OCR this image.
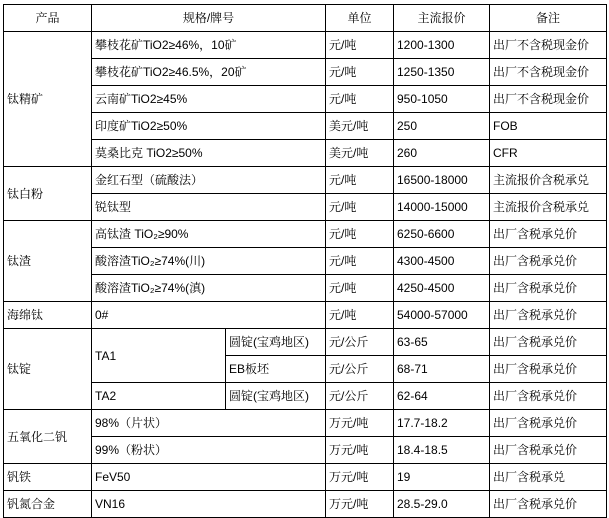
产品	规格/牌号		单位	主流报价	备注
钛精矿	攀枝花矿TiO2≥46%，10矿		元/吨	1200-1300	出厂不含税现金价
	攀枝花矿TiO2≥46.5%，20矿		元/吨	1250-1350	出厂不含税现金价
	云南矿TiO2≥45%		元/吨	950-1050	出厂不含税现金价
	印度矿TiO2≥50%		美元/吨	250	FOB
	莫桑比克 TiO2≥50%		美元/吨	260	CFR
钛白粉	金红石型（硫酸法）		元/吨	16500-18000	主流报价含税承兑
	锐钛型		元/吨	14000-15000	主流报价含税承兑
钛渣	高钛渣 TiO₂≥90%		元/吨	6250-6600	出厂含税承兑价
	酸溶渣TiO₂≥74%(川)		元/吨	4300-4500	出厂含税承兑价
	酸溶渣TiO₂≥74%(滇)		元/吨	4250-4500	出厂含税承兑价
海绵钛	0#		元/吨	54000-57000	出厂含税承兑价
钛锭	TA1	圆锭(宝鸡地区)	元/公斤	63-65	出厂含税承兑价
		EB板坯	元/公斤	68-71	出厂含税承兑价
	TA2	圆锭(宝鸡地区)	元/公斤	62-64	出厂含税承兑价
五氧化二钒	98%（片状）		万元/吨	17.7-18.2	出厂含税承兑价
	99%（粉状）		万元/吨	18.4-18.5	出厂含税承兑价
钒铁	FeV50		万元/吨	19	出厂含税承兑
钒氮合金	VN16		万元/吨	28.5-29.0	出厂含税承兑价
